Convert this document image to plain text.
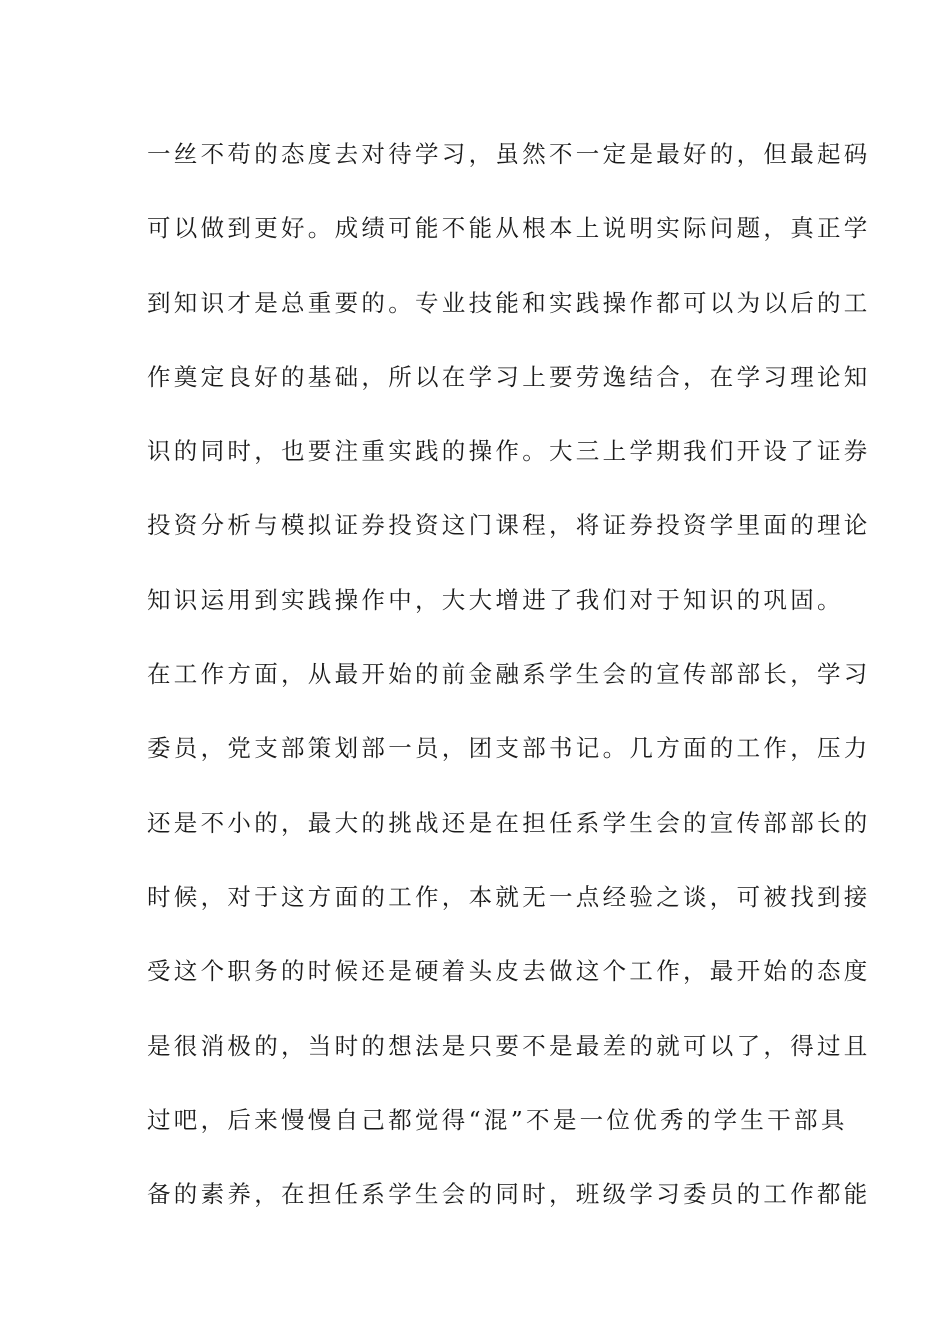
一丝不苟的态度去对待学习，虽然不一定是最好的，但最起码
可以做到更好。成绩可能不能从根本上说明实际问题，真正学
到知识才是总重要的。专业技能和实践操作都可以为以后的工
作奠定良好的基础，所以在学习上要劳逸结合，在学习理论知
识的同时，也要注重实践的操作。大三上学期我们开设了证券
投资分析与模拟证券投资这门课程，将证券投资学里面的理论
知识运用到实践操作中，大大增进了我们对于知识的巩固。
在工作方面，从最开始的前金融系学生会的宣传部部长，学习
委员，党支部策划部一员，团支部书记。几方面的工作，压力
还是不小的，最大的挑战还是在担任系学生会的宣传部部长的
时候，对于这方面的工作，本就无一点经验之谈，可被找到接
受这个职务的时候还是硬着头皮去做这个工作，最开始的态度
是很消极的，当时的想法是只要不是最差的就可以了，得过且
过吧，后来慢慢自己都觉得“混”不是一位优秀的学生干部具
备的素养，在担任系学生会的同时，班级学习委员的工作都能
